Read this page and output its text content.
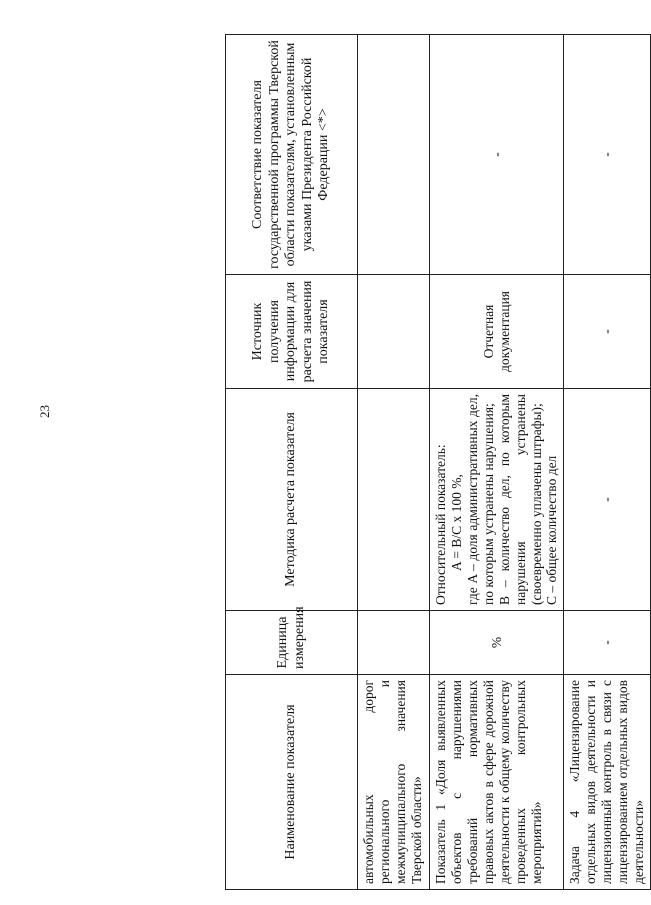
23
Наименование показателя	Единица измерения	Методика расчета показателя	Источник получения информации для расчета значения показателя	Соответствие показателя государственной программы Тверской области показателям, установленным указами Президента Российской Федерации <*>
автомобильных дорог регионального и межмуниципального значения Тверской области»				
Показатель 1 «Доля выявленных объектов с нарушениями требований нормативных правовых актов в сфере дорожной деятельности к общему количеству проведенных контрольных мероприятий»	%	Относительный показатель: A = B/C x 100 %, где A – доля административных дел, по которым устранены нарушения; B – количество дел, по которым нарушения устранены (своевременно уплачены штрафы); C – общее количество дел	Отчетная документация	-
Задача 4 «Лицензирование отдельных видов деятельности и лицензионный контроль в связи с лицензированием отдельных видов деятельности»	-	-	-	-
